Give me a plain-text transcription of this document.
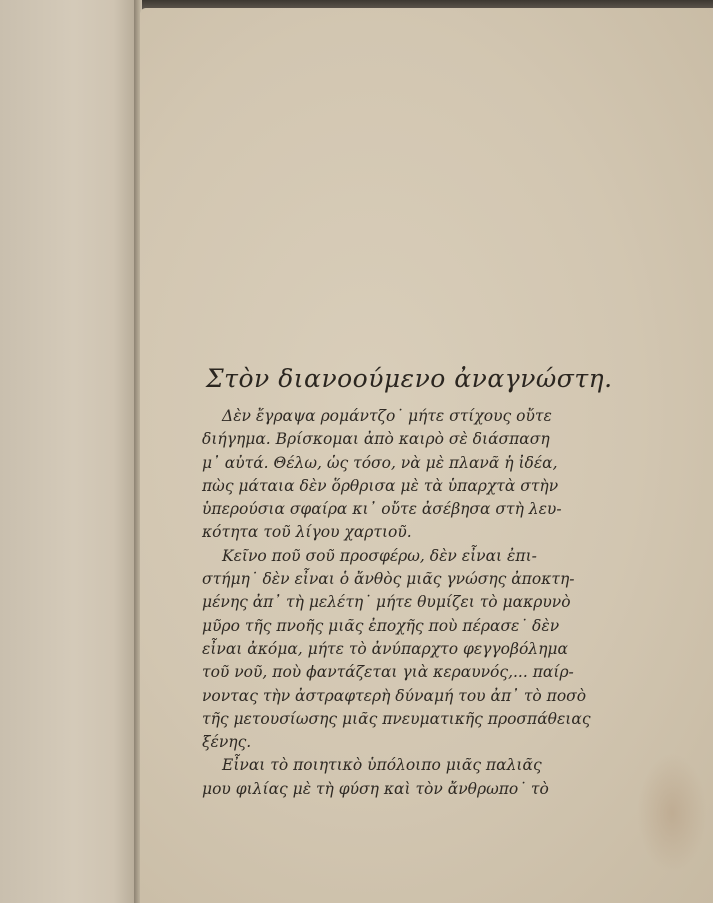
Στὸν διανοούμενο ἀναγνώστη.
Δὲν ἔγραψα ρομάντζο˙ μήτε στίχους οὔτε
διήγημα. Βρίσκομαι ἀπὸ καιρὸ σὲ διάσπαση
μ᾽ αὐτά. Θέλω, ὡς τόσο, νὰ μὲ πλανᾶ ἡ ἰδέα,
πὼς μάταια δὲν ὅρθρισα μὲ τὰ ὑπαρχτὰ στὴν
ὑπερούσια σφαίρα κι᾽ οὔτε ἀσέβησα στὴ λευ-
κότητα τοῦ λίγου χαρτιοῦ.
Κεῖνο ποῦ σοῦ προσφέρω, δὲν εἶναι ἐπι-
στήμη˙ δὲν εἶναι ὁ ἄνθὸς μιᾶς γνώσης ἀποκτη-
μένης ἀπ᾽ τὴ μελέτη˙ μήτε θυμίζει τὸ μακρυνὸ
μῦρο τῆς πνοῆς μιᾶς ἐποχῆς ποὺ πέρασε˙ δὲν
εἶναι ἀκόμα, μήτε τὸ ἀνύπαρχτο φεγγοβόλημα
τοῦ νοῦ, ποὺ ϕαντάζεται γιὰ κεραυνός,... παίρ-
νοντας τὴν ἀστραφτερὴ δύναμή του ἀπ᾽ τὸ ποσὸ
τῆς μετουσίωσης μιᾶς πνευματικῆς προσπάθειας
ξένης.
Εἶναι τὸ ποιητικὸ ὑπόλοιπο μιᾶς παλιᾶς
μου φιλίας μὲ τὴ φύση καὶ τὸν ἄνθρωπο˙ τὸ
